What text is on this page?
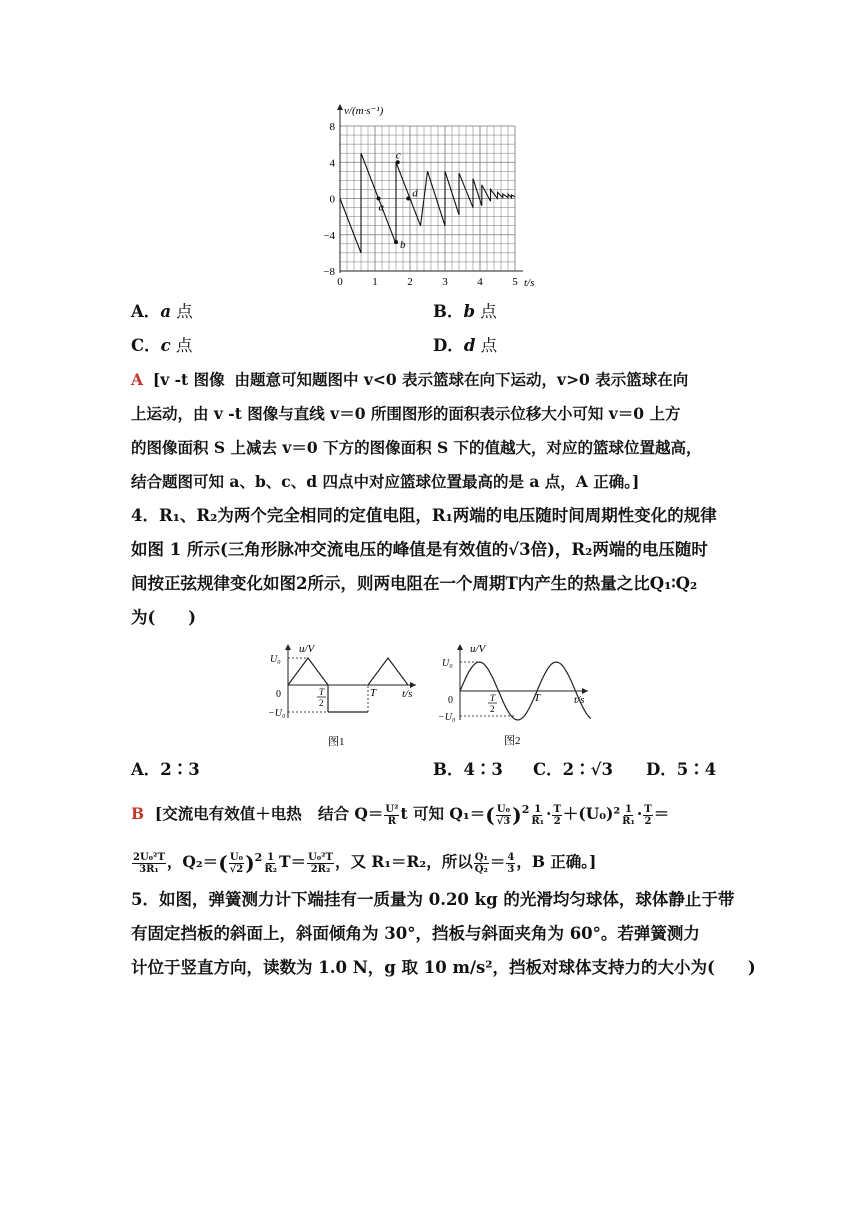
a
b
c
d
8
4
0
−4
−8
0	1	2	3	4	5
v/(m·s⁻¹)
t/s
A．a 点	B．b 点
C．c 点	D．d 点
A [v -t 图像 由题意可知题图中 v<0 表示篮球在向下运动，v>0 表示篮球在向
上运动，由 v -t 图像与直线 v＝0 所围图形的面积表示位移大小可知 v＝0 上方
的图像面积 S 上减去 v＝0 下方的图像面积 S 下的值越大，对应的篮球位置越高，
结合题图可知 a、b、c、d 四点中对应篮球位置最高的是 a 点，A 正确。]
4．R₁、R₂为两个完全相同的定值电阻，R₁两端的电压随时间周期性变化的规律
如图 1 所示(三角形脉冲交流电压的峰值是有效值的√3倍)，R₂两端的电压随时
间按正弦规律变化如图2所示，则两电阻在一个周期T内产生的热量之比Q₁∶Q₂
为(　　)
u/V
U₀
0
−U₀
T
2
T t/s
图1
u/V
U₀
0
−U₀
T
2
T	t/s
图2
A．2∶3	B．4∶3 C．2∶√3 D．5∶4
B [交流电有效值＋电热 结合 $Q= \frac{\text{U²}}{R}$ t 可知 $Q_1=( \frac{\text{U₀}}{√3} )^2 \frac{1}{\text{R₁}} \cdot \frac{T}{2} +(U_0)^2 \frac{1}{\text{R₁}} \cdot \frac{T}{2}$ ＝
$\frac{\text{2U₀²T}}{\text{3R₁}}$ ，$Q_2=( \frac{\text{U₀}}{√2} )^2 \frac{1}{\text{R₂}} T= \frac{\text{U₀²T}}{\text{2R₂}}$ ，又 R₁＝R₂，所以 $\frac{\text{Q₁}}{\text{Q₂}} = \frac{4}{3}$ ，B 正确。]
5．如图，弹簧测力计下端挂有一质量为 0.20 kg 的光滑均匀球体，球体静止于带
有固定挡板的斜面上，斜面倾角为 30°，挡板与斜面夹角为 60°。若弹簧测力
计位于竖直方向，读数为 1.0 N，g 取 10 m/s²，挡板对球体支持力的大小为(　　)
